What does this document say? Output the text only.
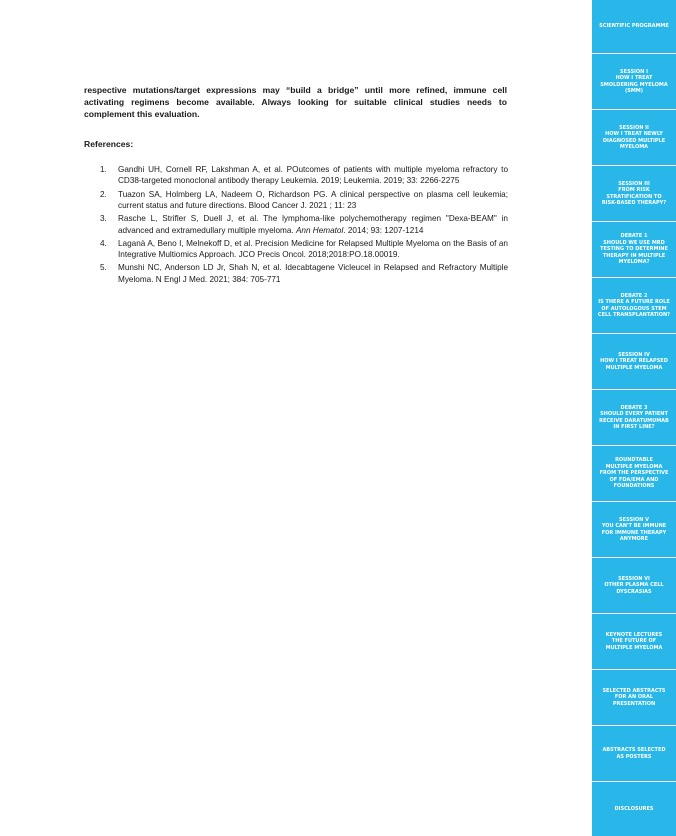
respective mutations/target expressions may “build a bridge” until more refined, immune cell activating regimens become available. Always looking for suitable clinical studies needs to complement this evaluation.

References:

1.	Gandhi UH, Cornell RF, Lakshman A, et al. POutcomes of patients with multiple myeloma refractory to CD38-targeted monoclonal antibody therapy Leukemia. 2019; Leukemia. 2019; 33: 2266-2275
2.	Tuazon SA, Holmberg LA, Nadeem O, Richardson PG. A clinical perspective on plasma cell leukemia; current status and future directions. Blood Cancer J. 2021 ; 11: 23
3.	Rasche L, Strifler S, Duell J, et al. The lymphoma-like polychemotherapy regimen "Dexa-BEAM" in advanced and extramedullary multiple myeloma. Ann Hematol. 2014; 93: 1207-1214
4.	Laganà A, Beno I, Melnekoff D, et al. Precision Medicine for Relapsed Multiple Myeloma on the Basis of an Integrative Multiomics Approach. JCO Precis Oncol. 2018;2018:PO.18.00019.
5.	Munshi NC, Anderson LD Jr, Shah N, et al. Idecabtagene Vicleucel in Relapsed and Refractory Multiple Myeloma. N Engl J Med. 2021; 384: 705-771
SCIENTIFIC PROGRAMME
SESSION I
HOW I TREAT
SMOLDERING MYELOMA
(SMM)
SESSION II
HOW I TREAT NEWLY
DIAGNOSED MULTIPLE
MYELOMA
SESSION III
FROM RISK
STRATIFICATION TO
RISK-BASED THERAPY?
DEBATE 1
SHOULD WE USE MRD
TESTING TO DETERMINE
THERAPY IN MULTIPLE
MYELOMA?
DEBATE 2
IS THERE A FUTURE ROLE
OF AUTOLOGOUS STEM
CELL TRANSPLANTATION?
SESSION IV
HOW I TREAT RELAPSED
MULTIPLE MYELOMA
DEBATE 3
SHOULD EVERY PATIENT
RECEIVE DARATUMUMAB
IN FIRST LINE?
ROUNDTABLE
MULTIPLE MYELOMA
FROM THE PERSPECTIVE
OF FDA/EMA AND
FOUNDATIONS
SESSION V
YOU CAN'T BE IMMUNE
FOR IMMUNE THERAPY
ANYMORE
SESSION VI
OTHER PLASMA CELL
DYSCRASIAS
KEYNOTE LECTURES
THE FUTURE OF
MULTIPLE MYELOMA
SELECTED ABSTRACTS
FOR AN ORAL
PRESENTATION
ABSTRACTS SELECTED
AS POSTERS
DISCLOSURES
